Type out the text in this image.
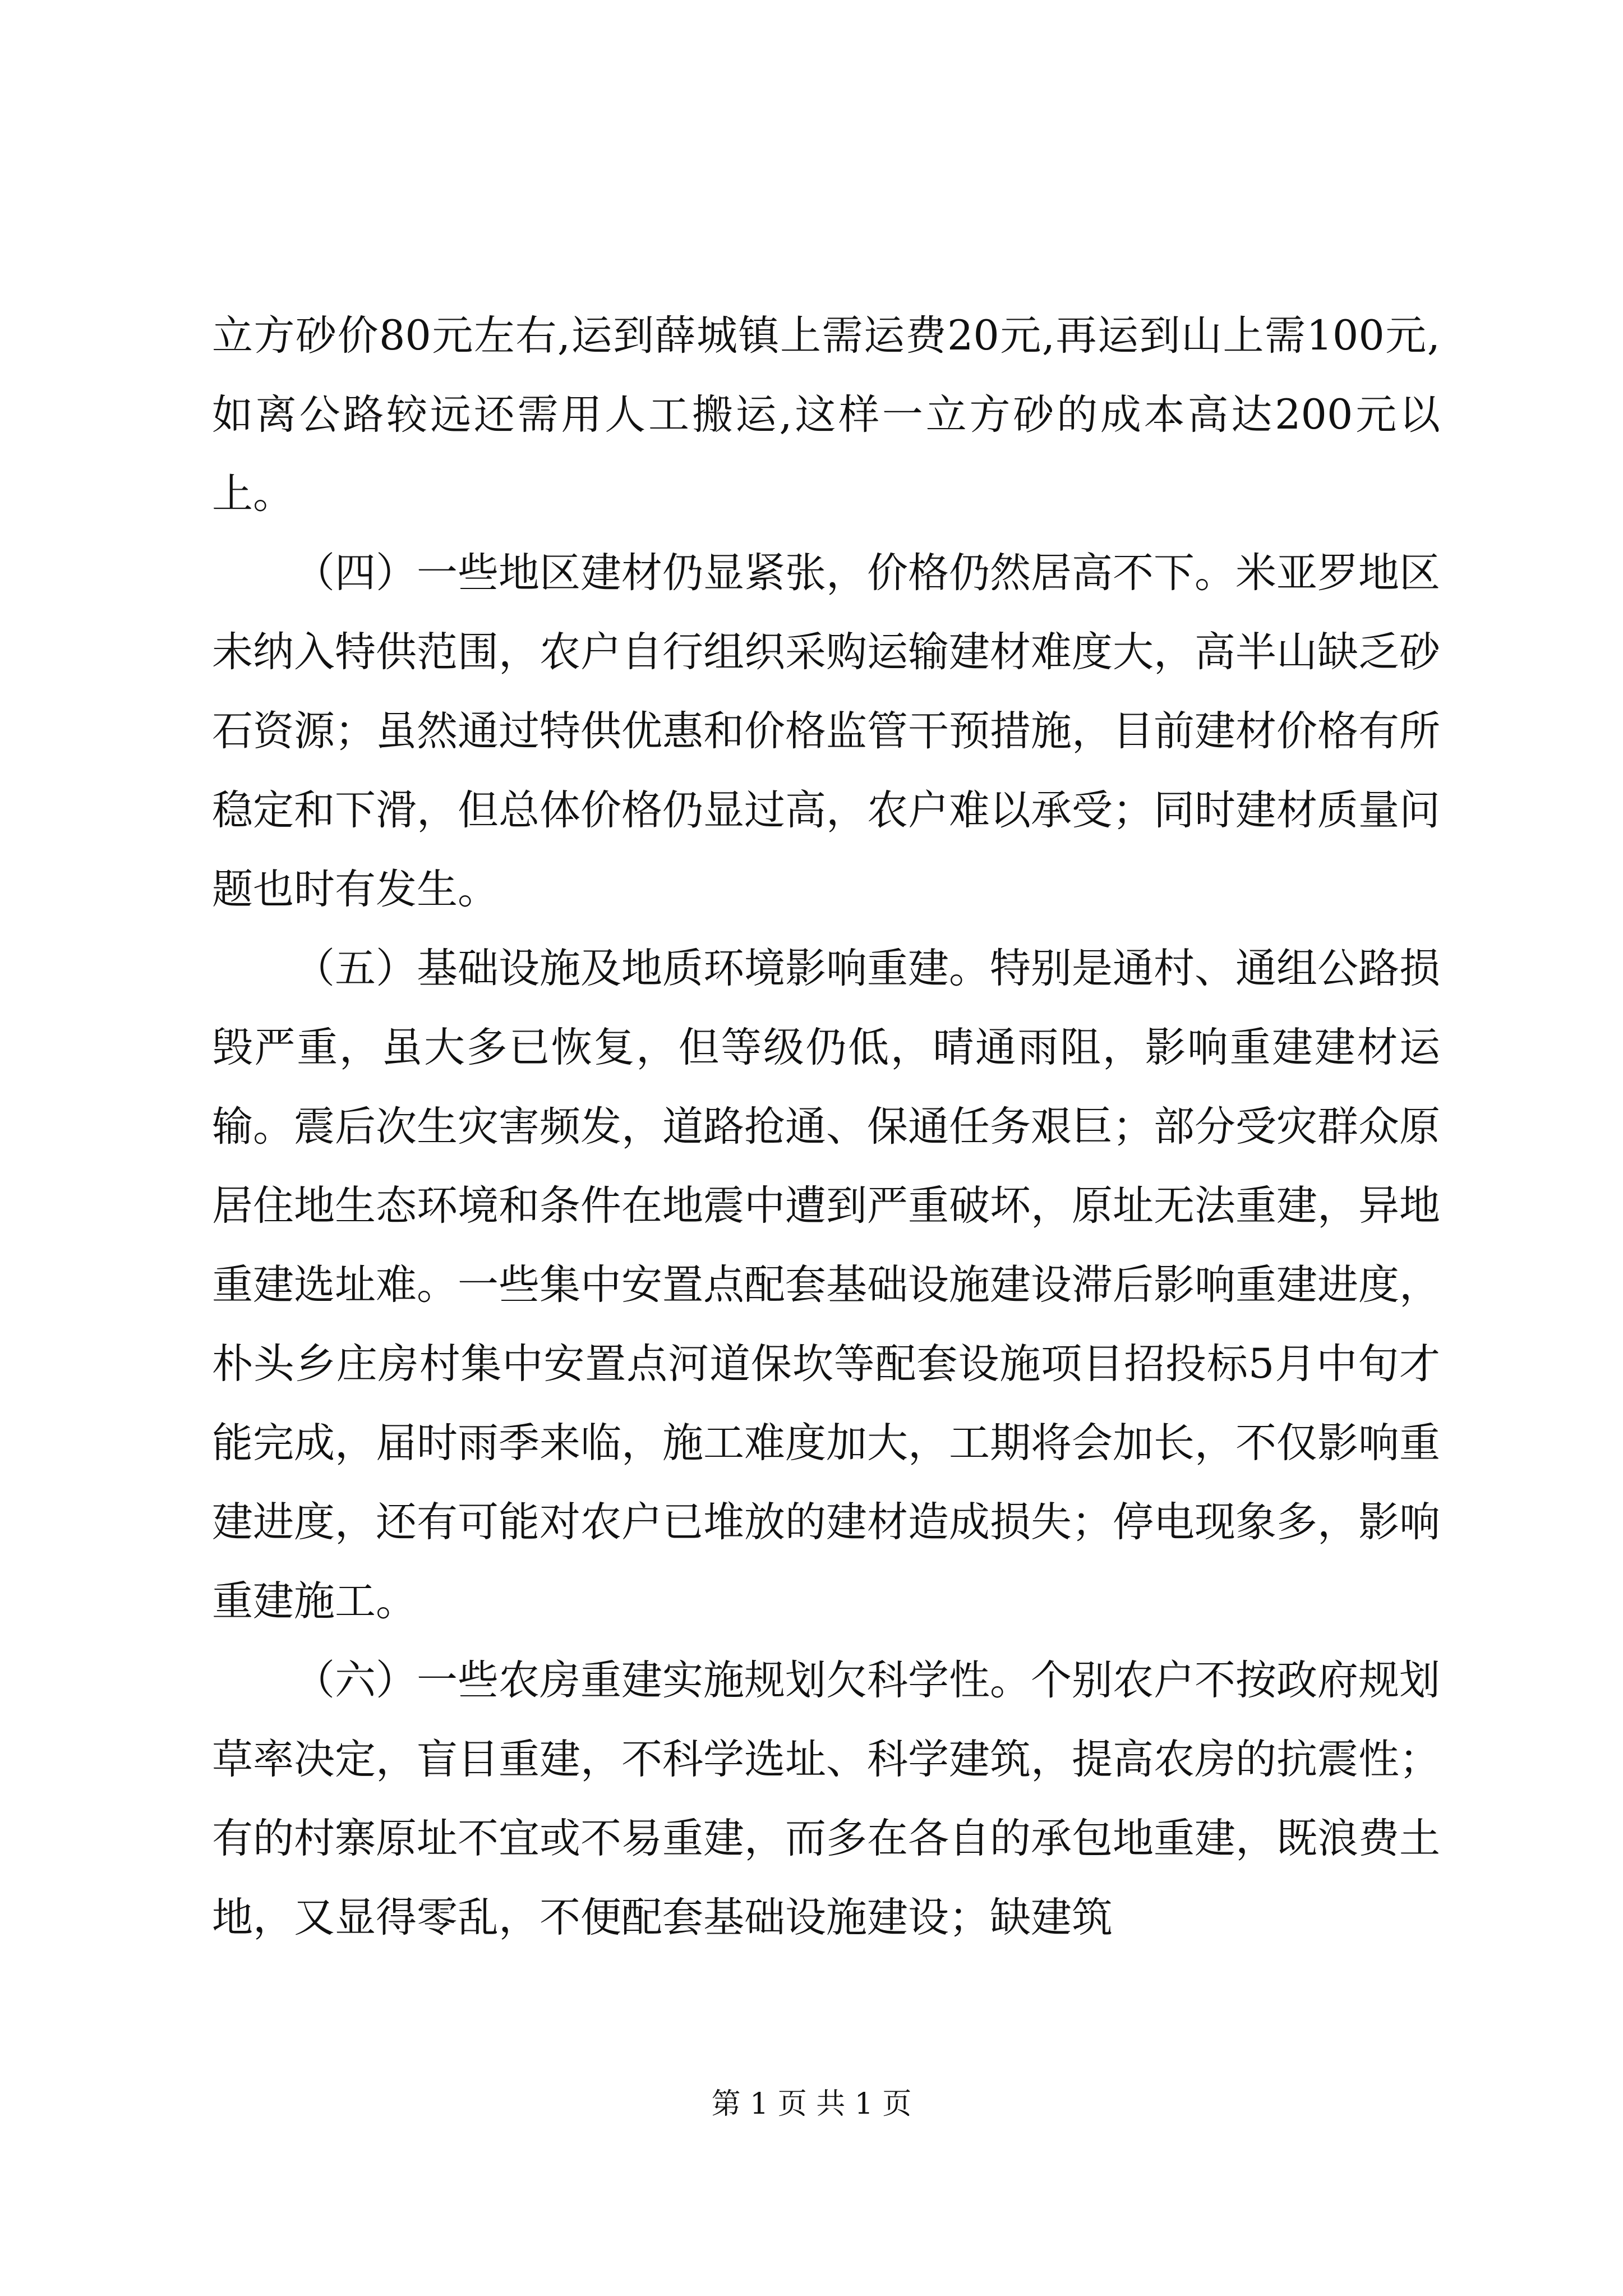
立方砂价80元左右,运到薛城镇上需运费20元,再运到山上需100元,如离公路较远还需用人工搬运,这样一立方砂的成本高达200元以上。

（四）一些地区建材仍显紧张，价格仍然居高不下。米亚罗地区未纳入特供范围，农户自行组织采购运输建材难度大，高半山缺乏砂石资源；虽然通过特供优惠和价格监管干预措施，目前建材价格有所稳定和下滑，但总体价格仍显过高，农户难以承受；同时建材质量问题也时有发生。

（五）基础设施及地质环境影响重建。特别是通村、通组公路损毁严重，虽大多已恢复，但等级仍低，晴通雨阻，影响重建建材运输。震后次生灾害频发，道路抢通、保通任务艰巨；部分受灾群众原居住地生态环境和条件在地震中遭到严重破坏，原址无法重建，异地重建选址难。一些集中安置点配套基础设施建设滞后影响重建进度，朴头乡庄房村集中安置点河道保坎等配套设施项目招投标5月中旬才能完成，届时雨季来临，施工难度加大，工期将会加长，不仅影响重建进度，还有可能对农户已堆放的建材造成损失；停电现象多，影响重建施工。

（六）一些农房重建实施规划欠科学性。个别农户不按政府规划草率决定，盲目重建，不科学选址、科学建筑，提高农房的抗震性；有的村寨原址不宜或不易重建，而多在各自的承包地重建，既浪费土地，又显得零乱，不便配套基础设施建设；缺建筑

第 1 页 共 1 页
